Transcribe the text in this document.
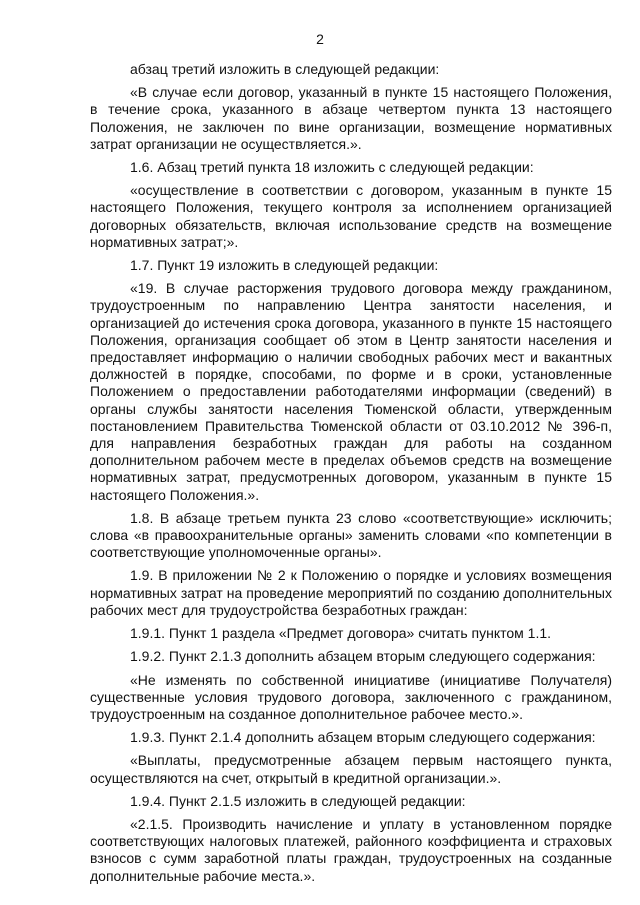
2

абзац третий изложить в следующей редакции:

«В случае если договор, указанный в пункте 15 настоящего Положения, в течение срока, указанного в абзаце четвертом пункта 13 настоящего Положения, не заключен по вине организации, возмещение нормативных затрат организации не осуществляется.».

1.6. Абзац третий пункта 18 изложить с следующей редакции:

«осуществление в соответствии с договором, указанным в пункте 15 настоящего Положения, текущего контроля за исполнением организацией договорных обязательств, включая использование средств на возмещение нормативных затрат;».

1.7. Пункт 19 изложить в следующей редакции:

«19. В случае расторжения трудового договора между гражданином, трудоустроенным по направлению Центра занятости населения, и организацией до истечения срока договора, указанного в пункте 15 настоящего Положения, организация сообщает об этом в Центр занятости населения и предоставляет информацию о наличии свободных рабочих мест и вакантных должностей в порядке, способами, по форме и в сроки, установленные Положением о предоставлении работодателями информации (сведений) в органы службы занятости населения Тюменской области, утвержденным постановлением Правительства Тюменской области от 03.10.2012 № 396-п, для направления безработных граждан для работы на созданном дополнительном рабочем месте в пределах объемов средств на возмещение нормативных затрат, предусмотренных договором, указанным в пункте 15 настоящего Положения.».

1.8. В абзаце третьем пункта 23 слово «соответствующие» исключить; слова «в правоохранительные органы» заменить словами «по компетенции в соответствующие уполномоченные органы».

1.9. В приложении № 2 к Положению о порядке и условиях возмещения нормативных затрат на проведение мероприятий по созданию дополнительных рабочих мест для трудоустройства безработных граждан:

1.9.1. Пункт 1 раздела «Предмет договора» считать пунктом 1.1.

1.9.2. Пункт 2.1.3 дополнить абзацем вторым следующего содержания:

«Не изменять по собственной инициативе (инициативе Получателя) существенные условия трудового договора, заключенного с гражданином, трудоустроенным на созданное дополнительное рабочее место.».

1.9.3. Пункт 2.1.4 дополнить абзацем вторым следующего содержания:

«Выплаты, предусмотренные абзацем первым настоящего пункта, осуществляются на счет, открытый в кредитной организации.».

1.9.4. Пункт 2.1.5 изложить в следующей редакции:

«2.1.5. Производить начисление и уплату в установленном порядке соответствующих налоговых платежей, районного коэффициента и страховых взносов с сумм заработной платы граждан, трудоустроенных на созданные дополнительные рабочие места.».
